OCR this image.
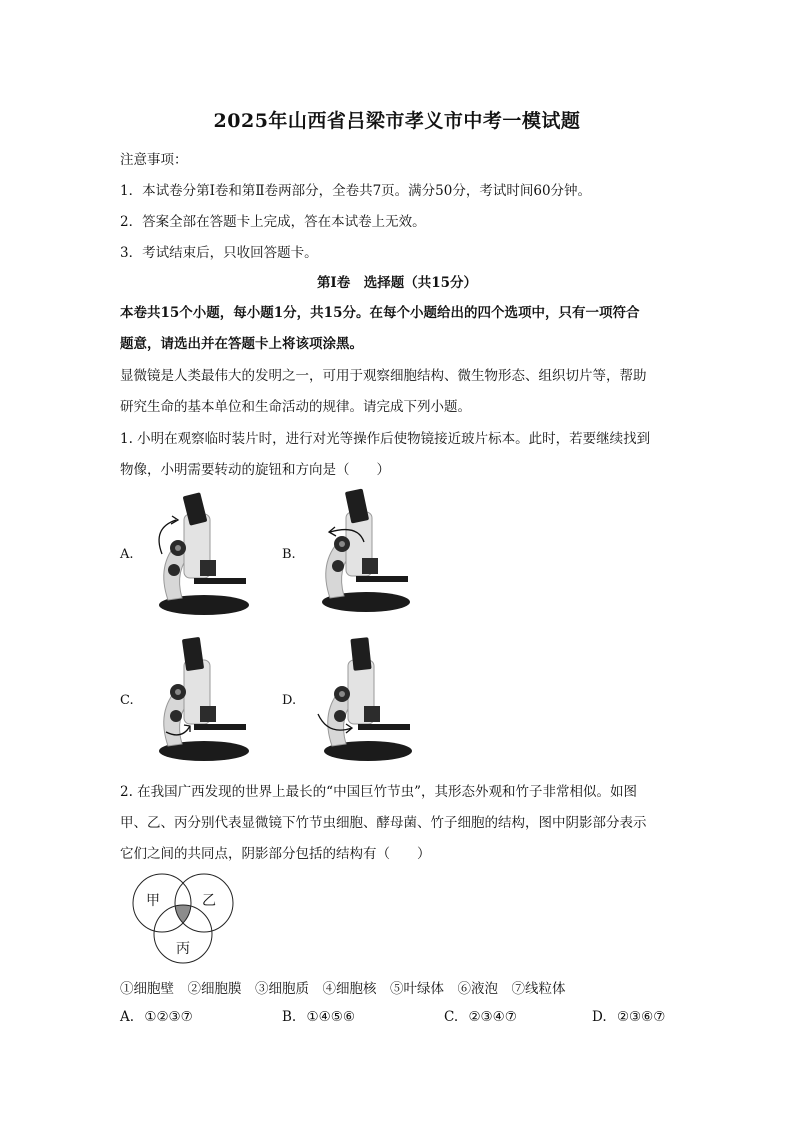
2025年山西省吕梁市孝义市中考一模试题
注意事项：
1．本试卷分第Ⅰ卷和第Ⅱ卷两部分，全卷共7页。满分50分，考试时间60分钟。
2．答案全部在答题卡上完成，答在本试卷上无效。
3．考试结束后，只收回答题卡。
第Ⅰ卷　选择题（共15分）
本卷共15个小题，每小题1分，共15分。在每个小题给出的四个选项中，只有一项符合
题意，请选出并在答题卡上将该项涂黑。
显微镜是人类最伟大的发明之一，可用于观察细胞结构、微生物形态、组织切片等，帮助
研究生命的基本单位和生命活动的规律。请完成下列小题。
1. 小明在观察临时装片时，进行对光等操作后使物镜接近玻片标本。此时，若要继续找到
物像，小明需要转动的旋钮和方向是（　　）
A.	B.
C.	D.
2. 在我国广西发现的世界上最长的“中国巨竹节虫”，其形态外观和竹子非常相似。如图
甲、乙、丙分别代表显微镜下竹节虫细胞、酵母菌、竹子细胞的结构，图中阴影部分表示
它们之间的共同点，阴影部分包括的结构有（　　）
甲	乙
丙
①细胞壁　②细胞膜　③细胞质　④细胞核　⑤叶绿体　⑥液泡　⑦线粒体
A. ①②③⑦	B. ①④⑤⑥	C. ②③④⑦	D. ②③⑥⑦
